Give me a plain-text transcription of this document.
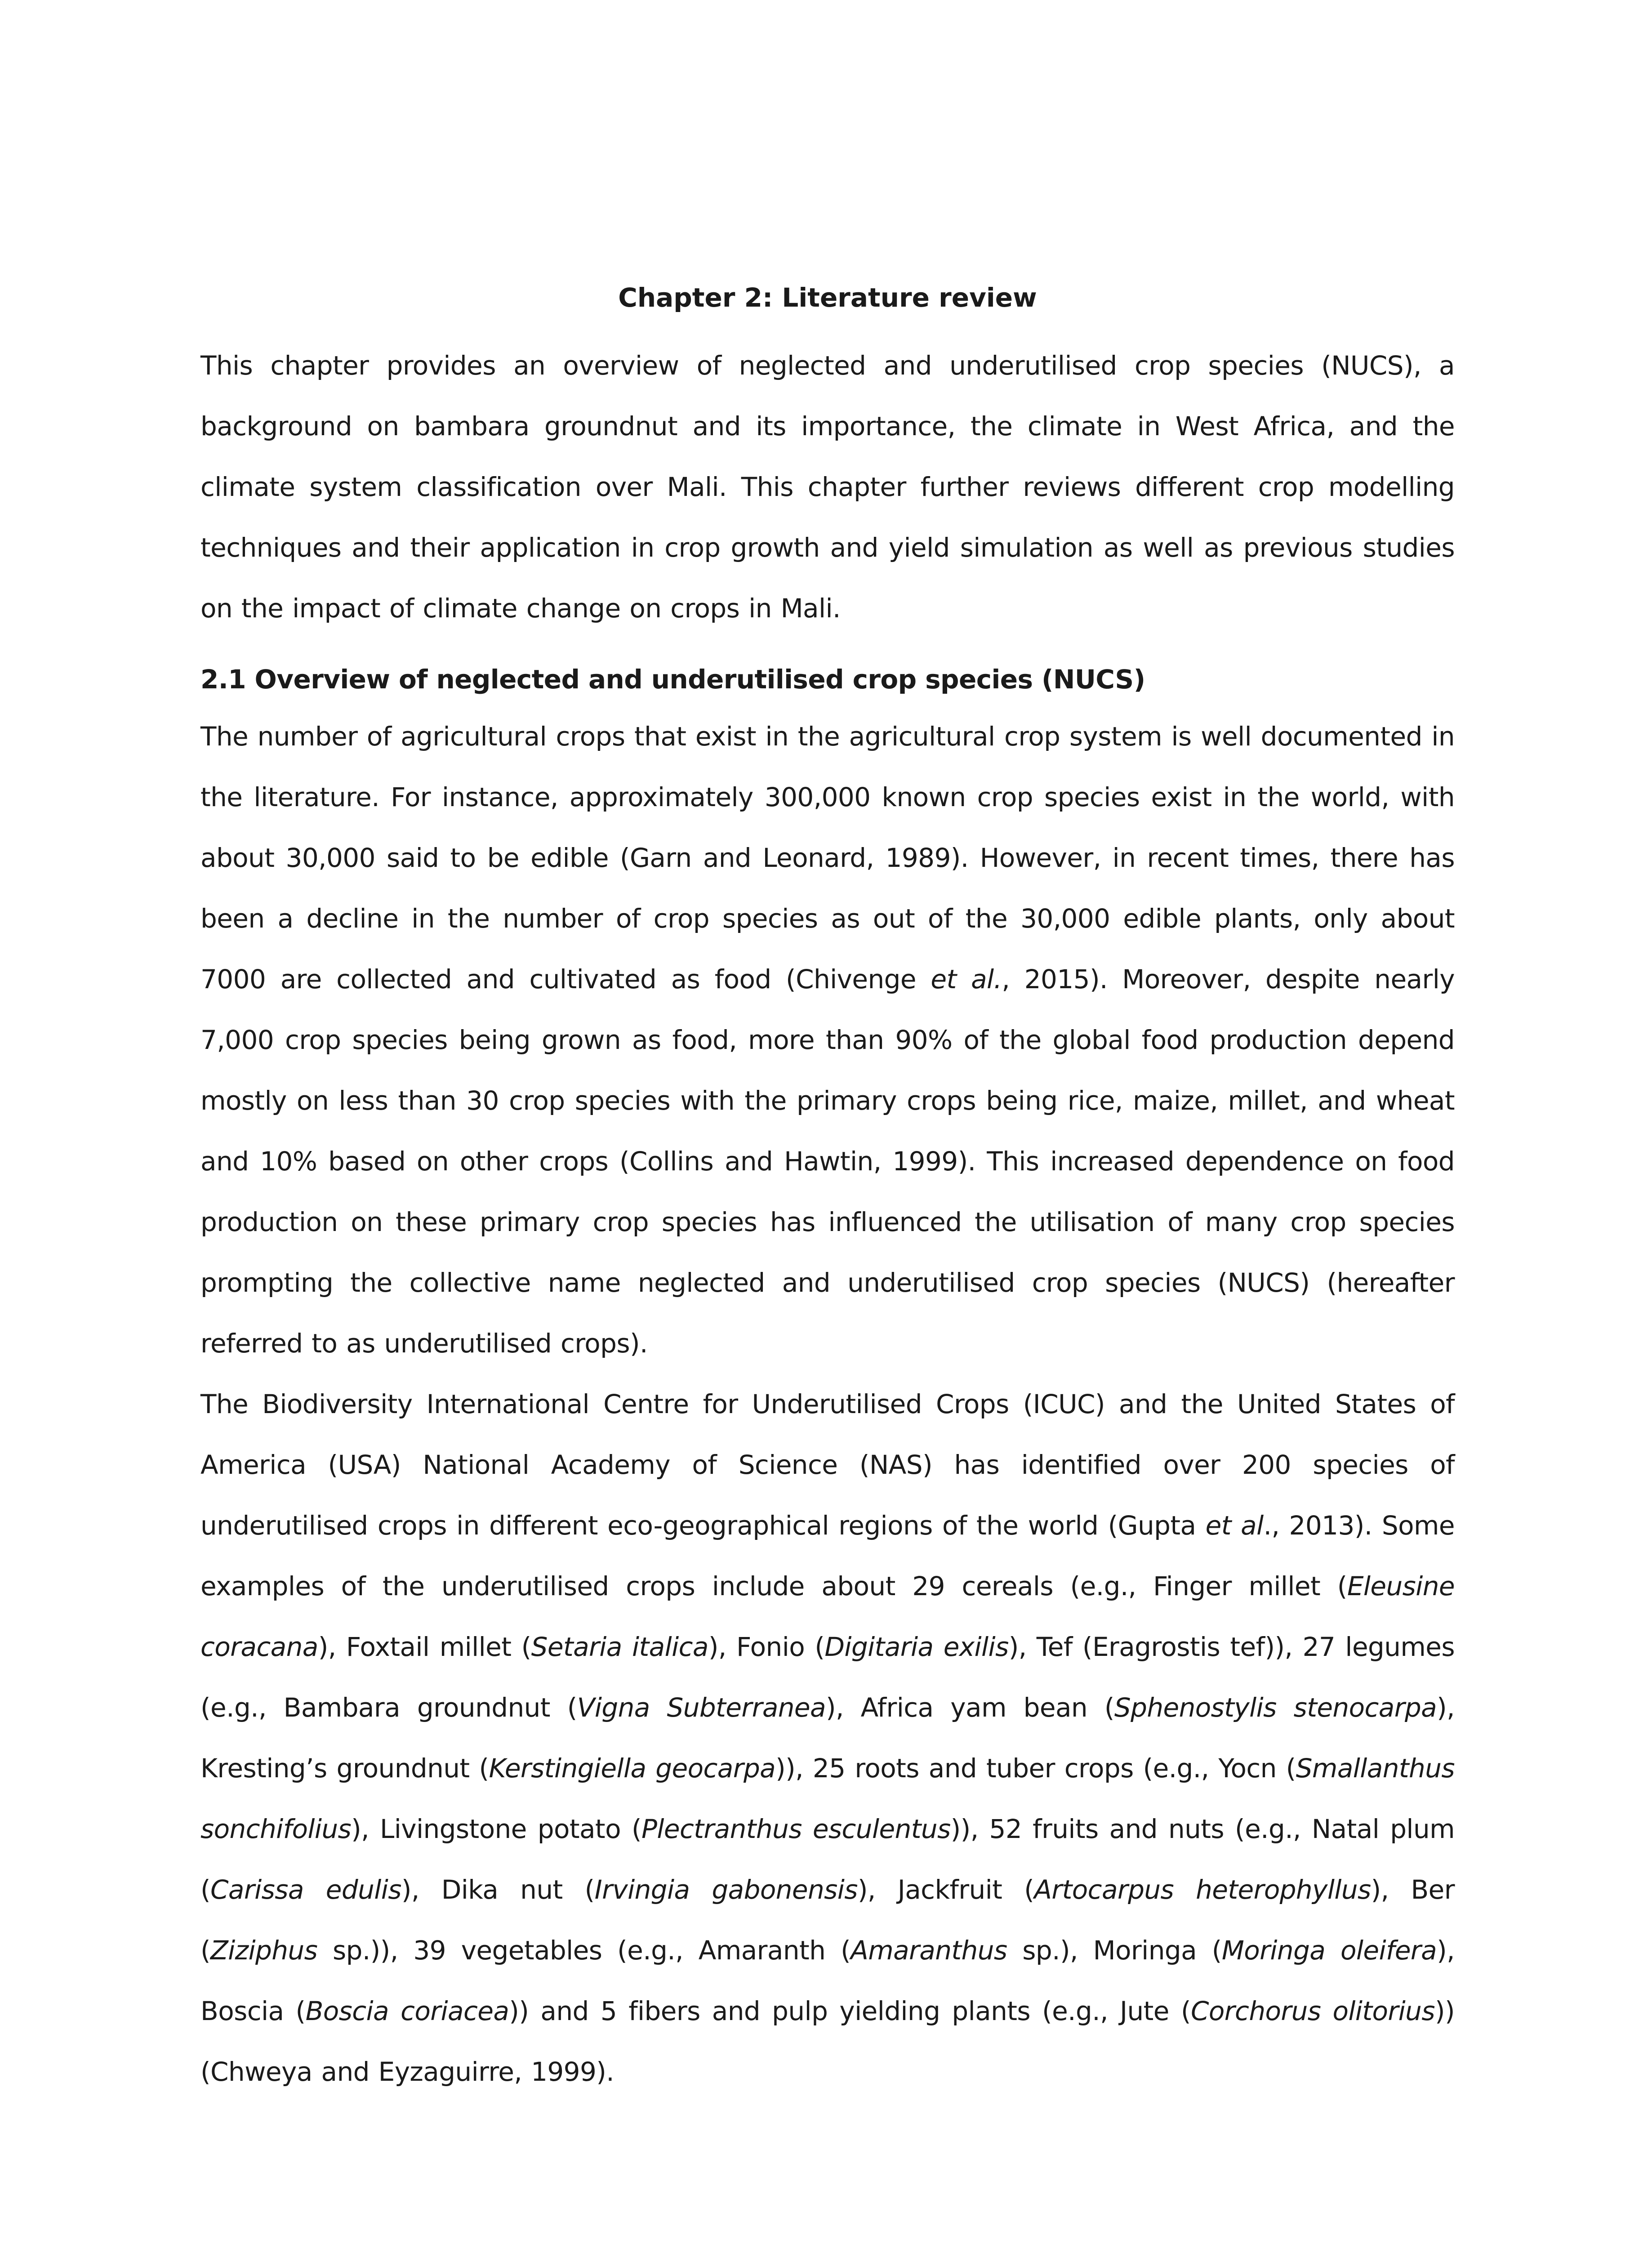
Chapter 2: Literature review

This chapter provides an overview of neglected and underutilised crop species (NUCS), a background on bambara groundnut and its importance, the climate in West Africa, and the climate system classification over Mali. This chapter further reviews different crop modelling techniques and their application in crop growth and yield simulation as well as previous studies on the impact of climate change on crops in Mali.

2.1 Overview of neglected and underutilised crop species (NUCS)

The number of agricultural crops that exist in the agricultural crop system is well documented in the literature. For instance, approximately 300,000 known crop species exist in the world, with about 30,000 said to be edible (Garn and Leonard, 1989). However, in recent times, there has been a decline in the number of crop species as out of the 30,000 edible plants, only about 7000 are collected and cultivated as food (Chivenge et al., 2015). Moreover, despite nearly 7,000 crop species being grown as food, more than 90% of the global food production depend mostly on less than 30 crop species with the primary crops being rice, maize, millet, and wheat and 10% based on other crops (Collins and Hawtin, 1999). This increased dependence on food production on these primary crop species has influenced the utilisation of many crop species prompting the collective name neglected and underutilised crop species (NUCS) (hereafter referred to as underutilised crops).

The Biodiversity International Centre for Underutilised Crops (ICUC) and the United States of America (USA) National Academy of Science (NAS) has identified over 200 species of underutilised crops in different eco-geographical regions of the world (Gupta et al., 2013). Some examples of the underutilised crops include about 29 cereals (e.g., Finger millet (Eleusine coracana), Foxtail millet (Setaria italica), Fonio (Digitaria exilis), Tef (Eragrostis tef)), 27 legumes (e.g., Bambara groundnut (Vigna Subterranea), Africa yam bean (Sphenostylis stenocarpa), Kresting’s groundnut (Kerstingiella geocarpa)), 25 roots and tuber crops (e.g., Yocn (Smallanthus sonchifolius), Livingstone potato (Plectranthus esculentus)), 52 fruits and nuts (e.g., Natal plum (Carissa edulis), Dika nut (Irvingia gabonensis), Jackfruit (Artocarpus heterophyllus), Ber (Ziziphus sp.)), 39 vegetables (e.g., Amaranth (Amaranthus sp.), Moringa (Moringa oleifera), Boscia (Boscia coriacea)) and 5 fibers and pulp yielding plants (e.g., Jute (Corchorus olitorius)) (Chweya and Eyzaguirre, 1999).
